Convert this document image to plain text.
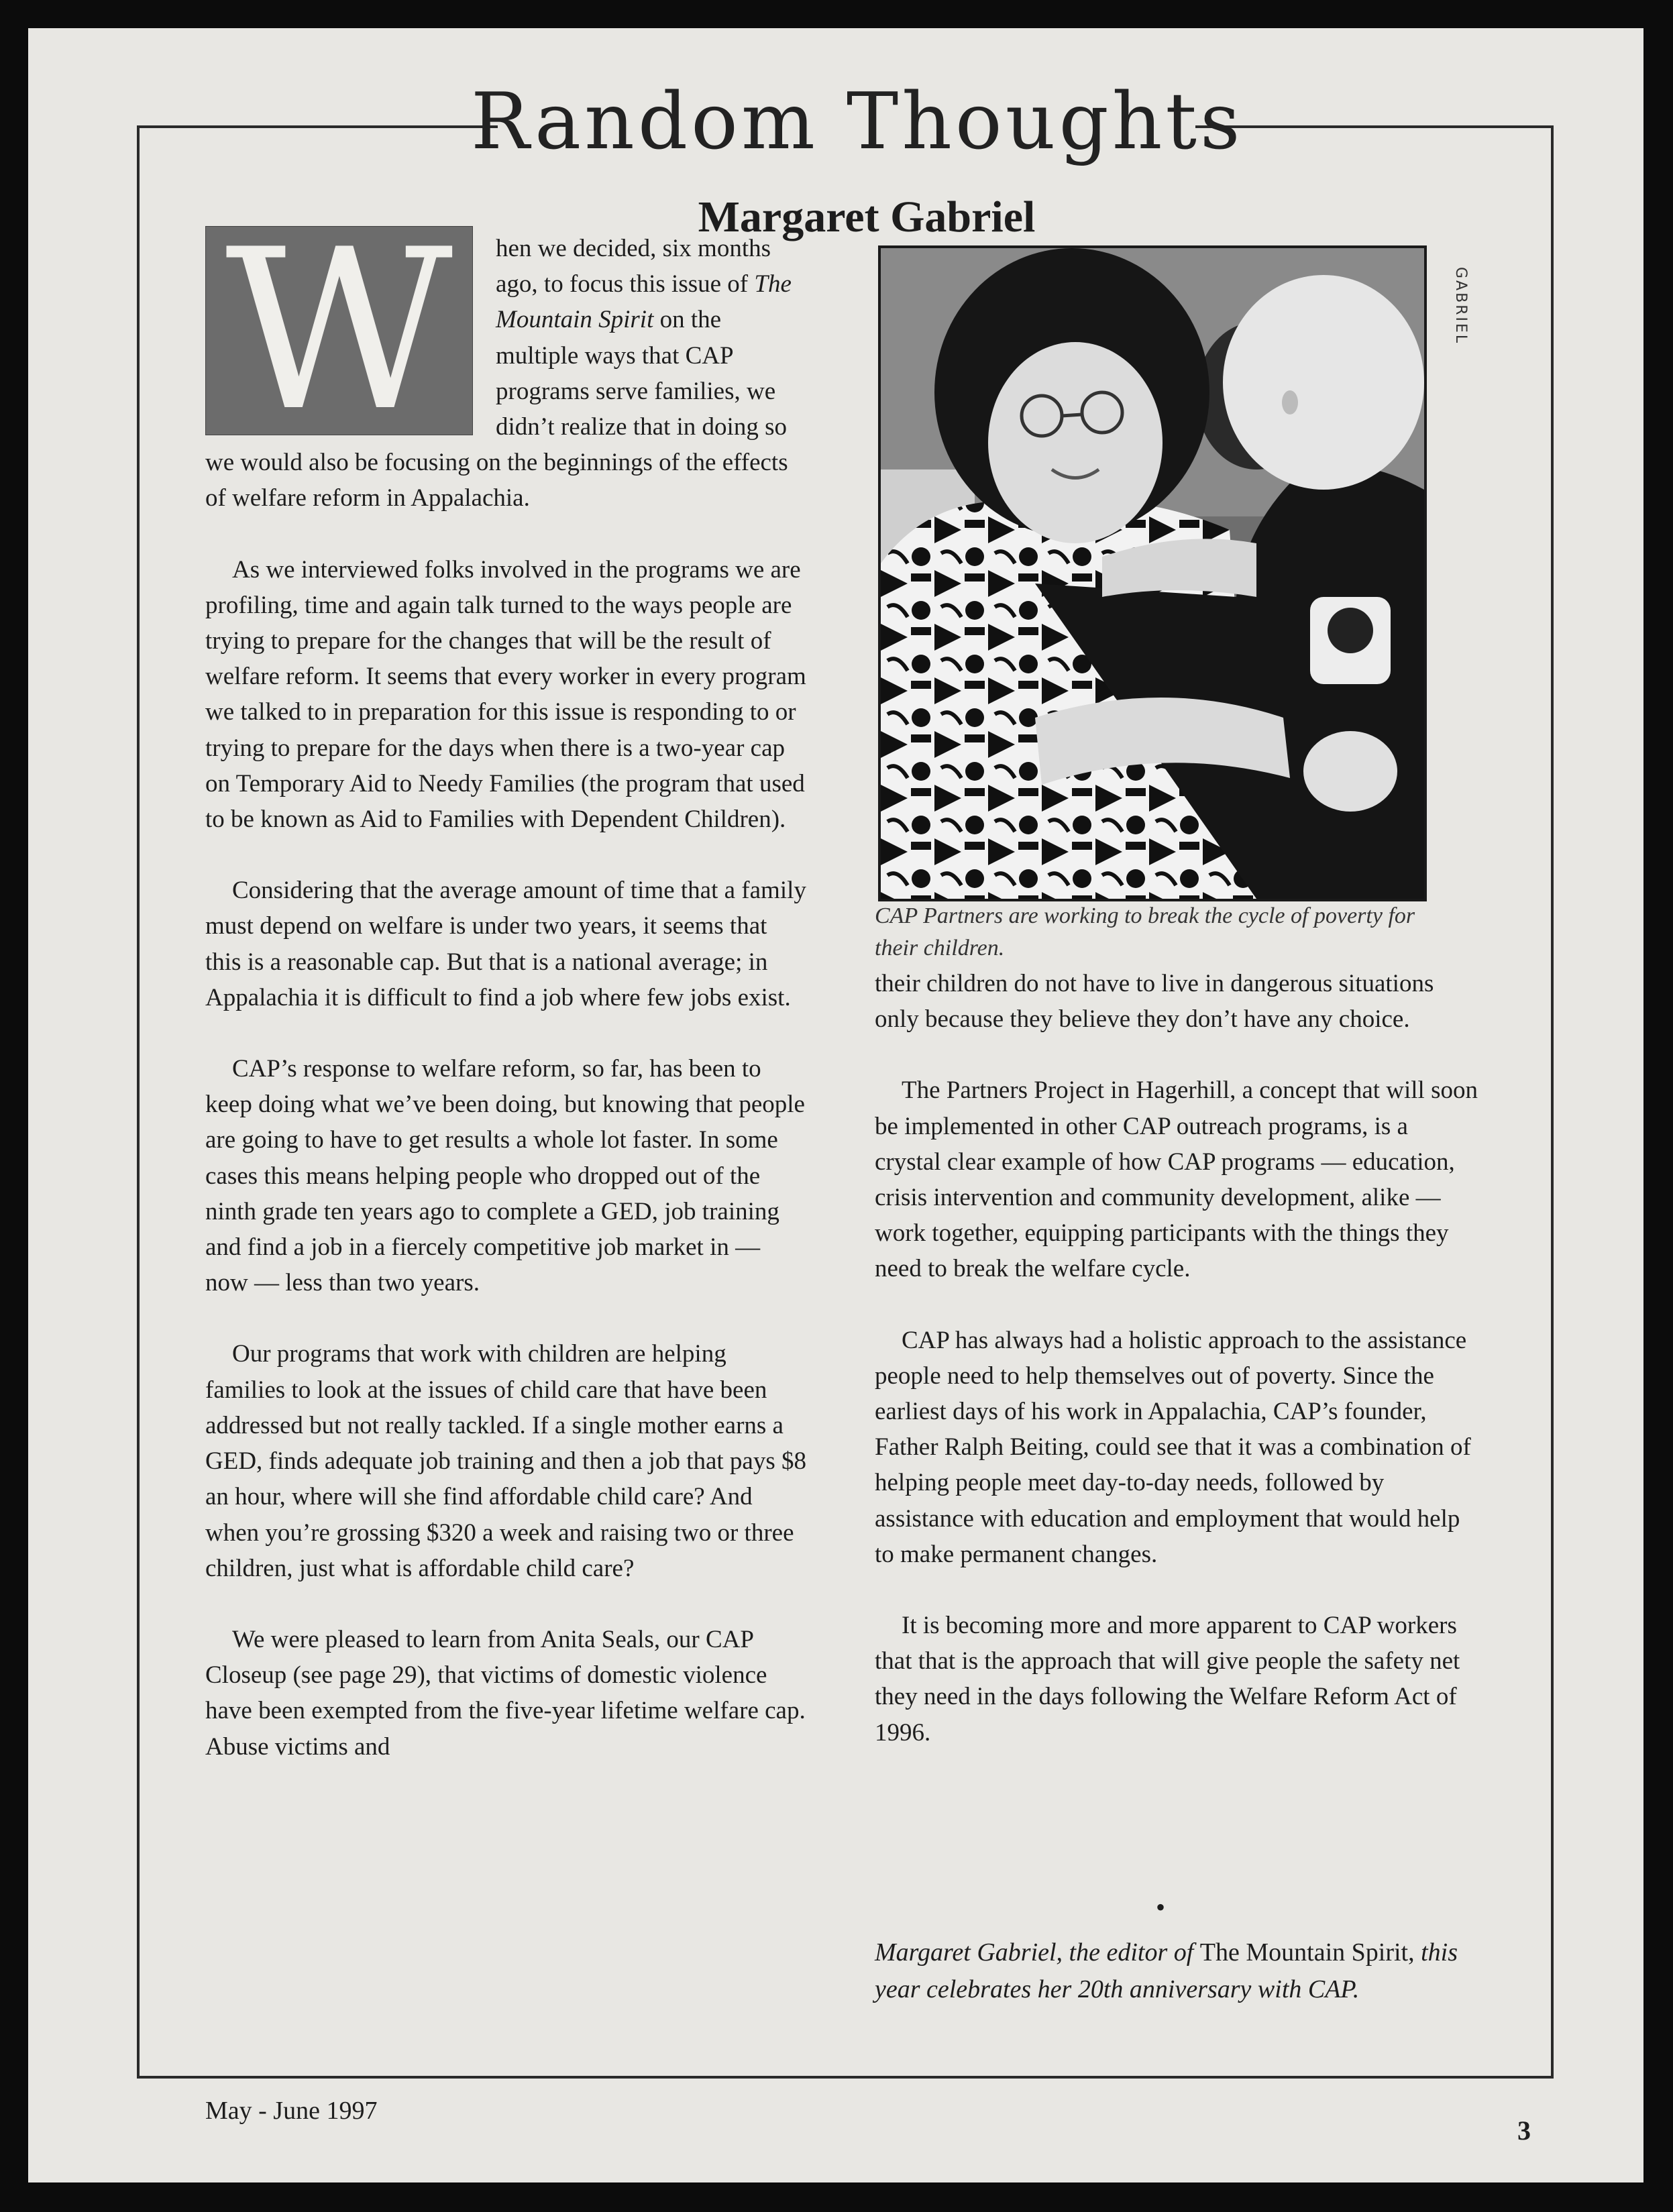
Random Thoughts
Margaret Gabriel
W	hen we decided, six months ago, to focus this issue of The Mountain Spirit on the multiple ways that CAP programs serve families, we didn’t realize that in doing so we would also be focusing on the beginnings of the effects of welfare reform in Appalachia.

As we interviewed folks involved in the programs we are profiling, time and again talk turned to the ways people are trying to prepare for the changes that will be the result of welfare reform. It seems that every worker in every program we talked to in preparation for this issue is responding to or trying to prepare for the days when there is a two-year cap on Temporary Aid to Needy Families (the program that used to be known as Aid to Families with Dependent Children).

Considering that the average amount of time that a family must depend on welfare is under two years, it seems that this is a reasonable cap. But that is a national average; in Appalachia it is difficult to find a job where few jobs exist.

CAP’s response to welfare reform, so far, has been to keep doing what we’ve been doing, but knowing that people are going to have to get results a whole lot faster. In some cases this means helping people who dropped out of the ninth grade ten years ago to complete a GED, job training and find a job in a fiercely competitive job market in — now — less than two years.

Our programs that work with children are helping families to look at the issues of child care that have been addressed but not really tackled. If a single mother earns a GED, finds adequate job training and then a job that pays $8 an hour, where will she find affordable child care? And when you’re grossing $320 a week and raising two or three children, just what is affordable child care?

We were pleased to learn from Anita Seals, our CAP Closeup (see page 29), that victims of domestic violence have been exempted from the five-year lifetime welfare cap. Abuse victims and

GABRIEL
CAP Partners are working to break the cycle of poverty for their children.

their children do not have to live in dangerous situations only because they believe they don’t have any choice.

The Partners Project in Hagerhill, a concept that will soon be implemented in other CAP outreach programs, is a crystal clear example of how CAP programs — education, crisis intervention and community development, alike — work together, equipping participants with the things they need to break the welfare cycle.

CAP has always had a holistic approach to the assistance people need to help themselves out of poverty. Since the earliest days of his work in Appalachia, CAP’s founder, Father Ralph Beiting, could see that it was a combination of helping people meet day-to-day needs, followed by assistance with education and employment that would help to make permanent changes.

It is becoming more and more apparent to CAP workers that that is the approach that will give people the safety net they need in the days following the Welfare Reform Act of 1996.

•
Margaret Gabriel, the editor of The Mountain Spirit, this year celebrates her 20th anniversary with CAP.
May - June 1997
3
